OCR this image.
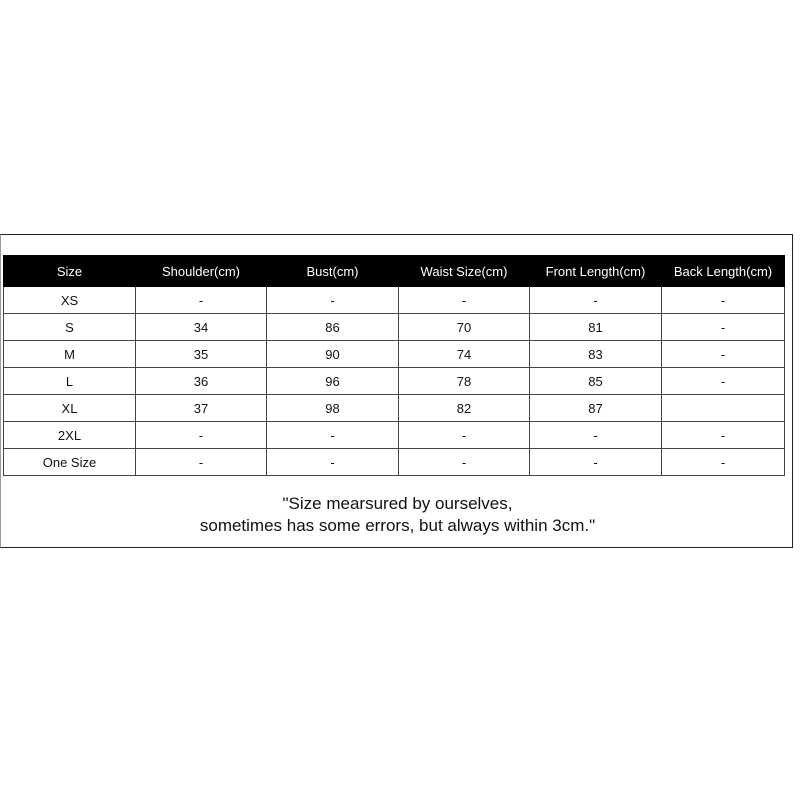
Size	Shoulder(cm)	Bust(cm)	Waist Size(cm)	Front Length(cm)	Back Length(cm)
XS	-	-	-	-	-
S	34	86	70	81	-
M	35	90	74	83	-
L	36	96	78	85	-
XL	37	98	82	87	
2XL	-	-	-	-	-
One Size	-	-	-	-	-
"Size mearsured by ourselves,
sometimes has some errors, but always within 3cm."
